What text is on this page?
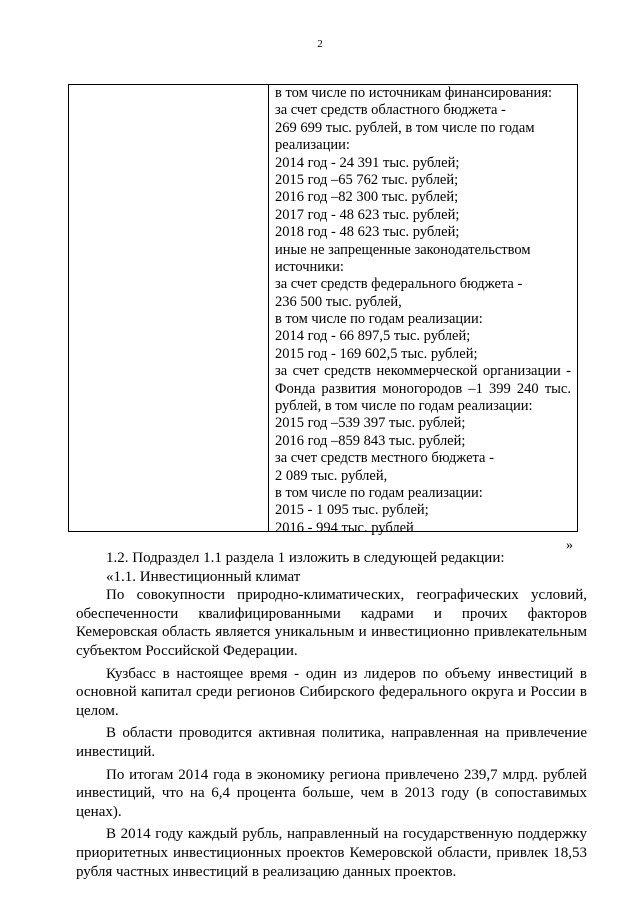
2
в том числе по источникам финансирования:
за счет средств областного бюджета -
269 699 тыс. рублей, в том числе по годам
реализации:
2014 год - 24 391 тыс. рублей;
2015 год –65 762 тыс. рублей;
2016 год –82 300 тыс. рублей;
2017 год - 48 623 тыс. рублей;
2018 год - 48 623 тыс. рублей;
иные не запрещенные законодательством
источники:
за счет средств федерального бюджета -
236 500 тыс. рублей,
в том числе по годам реализации:
2014 год - 66 897,5 тыс. рублей;
2015 год - 169 602,5 тыс. рублей;
за счет средств некоммерческой организации -
Фонда развития моногородов –1 399 240 тыс.
рублей, в том числе по годам реализации:
2015 год –539 397 тыс. рублей;
2016 год –859 843 тыс. рублей;
за счет средств местного бюджета -
2 089 тыс. рублей,
в том числе по годам реализации:
2015 - 1 095 тыс. рублей;
2016 - 994 тыс. рублей
»

1.2. Подраздел 1.1 раздела 1 изложить в следующей редакции:

«1.1. Инвестиционный климат

По совокупности природно-климатических, географических условий, обеспеченности квалифицированными кадрами и прочих факторов Кемеровская область является уникальным и инвестиционно привлекательным субъектом Российской Федерации.

Кузбасс в настоящее время - один из лидеров по объему инвестиций в основной капитал среди регионов Сибирского федерального округа и России в целом.

В области проводится активная политика, направленная на привлечение инвестиций.

По итогам 2014 года в экономику региона привлечено 239,7 млрд. рублей инвестиций, что на 6,4 процента больше, чем в 2013 году (в сопоставимых ценах).

В 2014 году каждый рубль, направленный на государственную поддержку приоритетных инвестиционных проектов Кемеровской области, привлек 18,53 рубля частных инвестиций в реализацию данных проектов.
